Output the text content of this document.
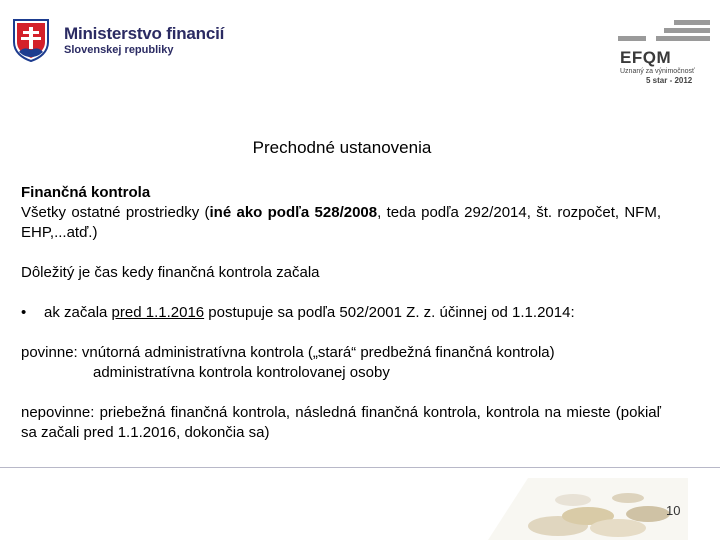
Ministerstvo financií
Slovenskej republiky	EFQM
Uznaný za výnimočnosť
5 star - 2012
Prechodné ustanovenia

Finančná kontrola

Všetky ostatné prostriedky (iné ako podľa 528/2008, teda podľa 292/2014, št. rozpočet, NFM, EHP,...atď.)

Dôležitý je čas kedy finančná kontrola začala

•	ak začala pred 1.1.2016 postupuje sa podľa 502/2001 Z. z. účinnej od 1.1.2014:

povinne: vnútorná administratívna kontrola („stará“ predbežná finančná kontrola)

administratívna kontrola kontrolovanej osoby

nepovinne: priebežná finančná kontrola, následná finančná kontrola, kontrola na mieste (pokiaľ sa začali pred 1.1.2016, dokončia sa)

10
